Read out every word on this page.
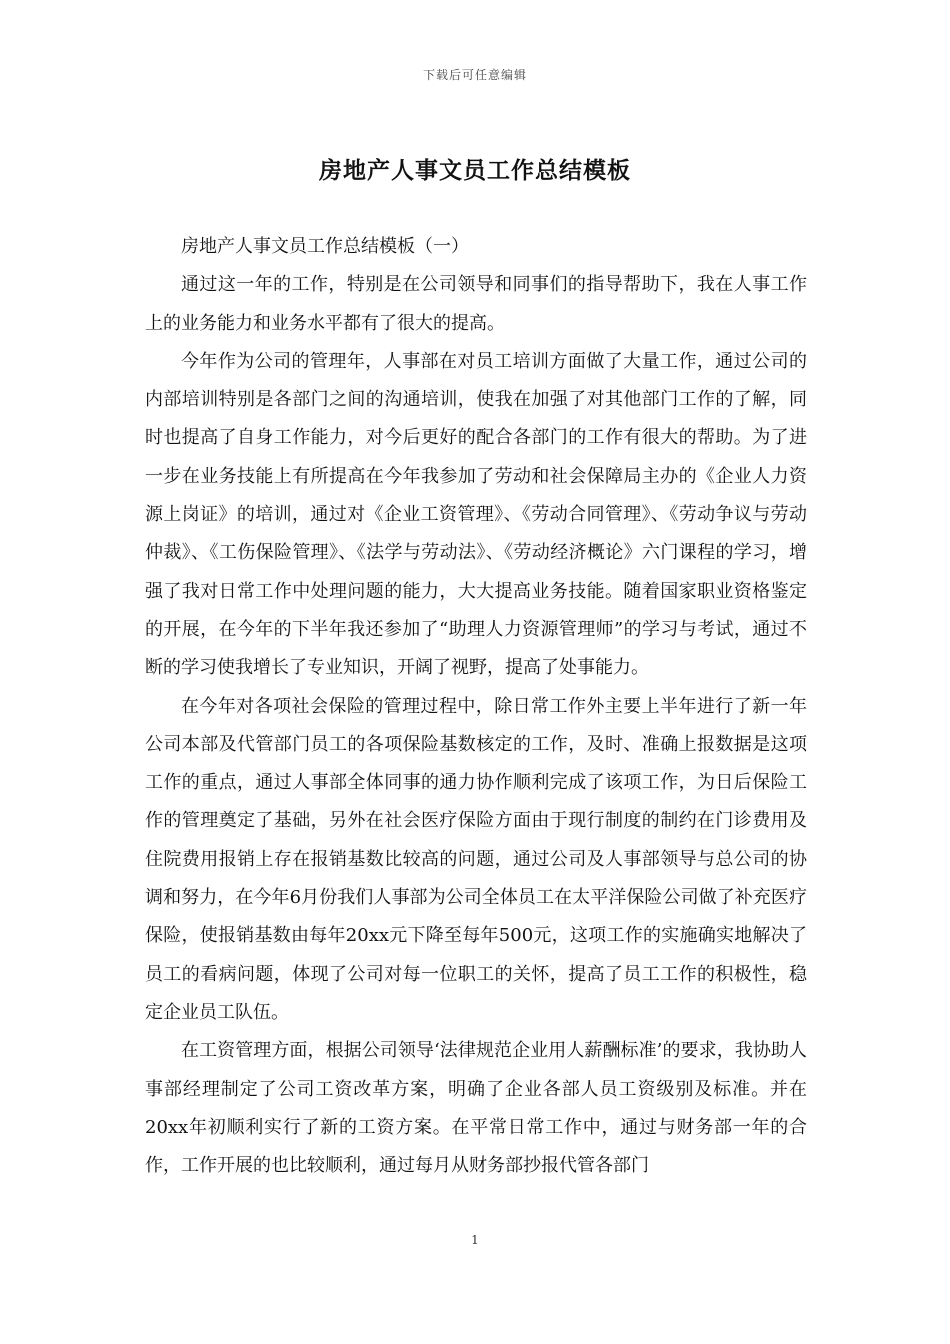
下载后可任意编辑
房地产人事文员工作总结模板

房地产人事文员工作总结模板（一）

通过这一年的工作，特别是在公司领导和同事们的指导帮助下，我在人事工作上的业务能力和业务水平都有了很大的提高。

今年作为公司的管理年，人事部在对员工培训方面做了大量工作，通过公司的内部培训特别是各部门之间的沟通培训，使我在加强了对其他部门工作的了解，同时也提高了自身工作能力，对今后更好的配合各部门的工作有很大的帮助。为了进一步在业务技能上有所提高在今年我参加了劳动和社会保障局主办的《企业人力资源上岗证》的培训，通过对《企业工资管理》、《劳动合同管理》、《劳动争议与劳动仲裁》、《工伤保险管理》、《法学与劳动法》、《劳动经济概论》六门课程的学习，增强了我对日常工作中处理问题的能力，大大提高业务技能。随着国家职业资格鉴定的开展，在今年的下半年我还参加了“助理人力资源管理师”的学习与考试，通过不断的学习使我增长了专业知识，开阔了视野，提高了处事能力。

在今年对各项社会保险的管理过程中，除日常工作外主要上半年进行了新一年公司本部及代管部门员工的各项保险基数核定的工作，及时、准确上报数据是这项工作的重点，通过人事部全体同事的通力协作顺利完成了该项工作，为日后保险工作的管理奠定了基础，另外在社会医疗保险方面由于现行制度的制约在门诊费用及住院费用报销上存在报销基数比较高的问题，通过公司及人事部领导与总公司的协调和努力，在今年6月份我们人事部为公司全体员工在太平洋保险公司做了补充医疗保险，使报销基数由每年20xx元下降至每年500元，这项工作的实施确实地解决了员工的看病问题，体现了公司对每一位职工的关怀，提高了员工工作的积极性，稳定企业员工队伍。

在工资管理方面，根据公司领导‘法律规范企业用人薪酬标准’的要求，我协助人事部经理制定了公司工资改革方案，明确了企业各部人员工资级别及标准。并在20xx年初顺利实行了新的工资方案。在平常日常工作中，通过与财务部一年的合作，工作开展的也比较顺利，通过每月从财务部抄报代管各部门

1
